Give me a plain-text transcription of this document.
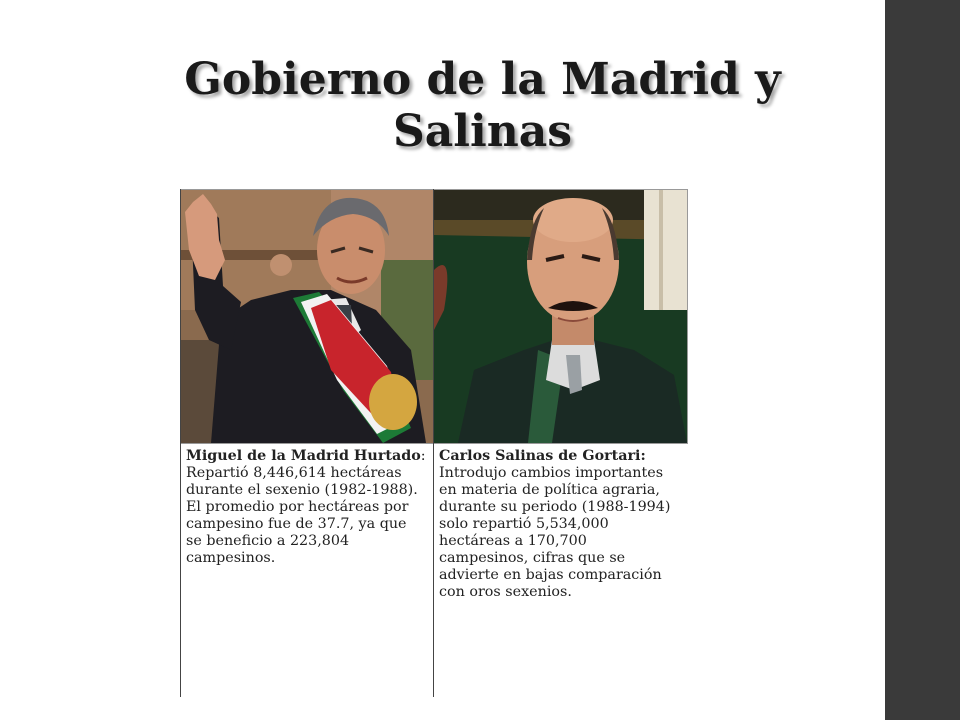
Gobierno de la Madrid y Salinas
Miguel de la Madrid Hurtado: Repartió 8,446,614 hectáreas durante el sexenio (1982-1988). El promedio por hectáreas por campesino fue de 37.7, ya que se beneficio a 223,804 campesinos.
Carlos Salinas de Gortari: Introdujo cambios importantes en materia de política agraria, durante su periodo (1988-1994) solo repartió 5,534,000 hectáreas a 170,700 campesinos, cifras que se advierte en bajas comparación con oros sexenios.
